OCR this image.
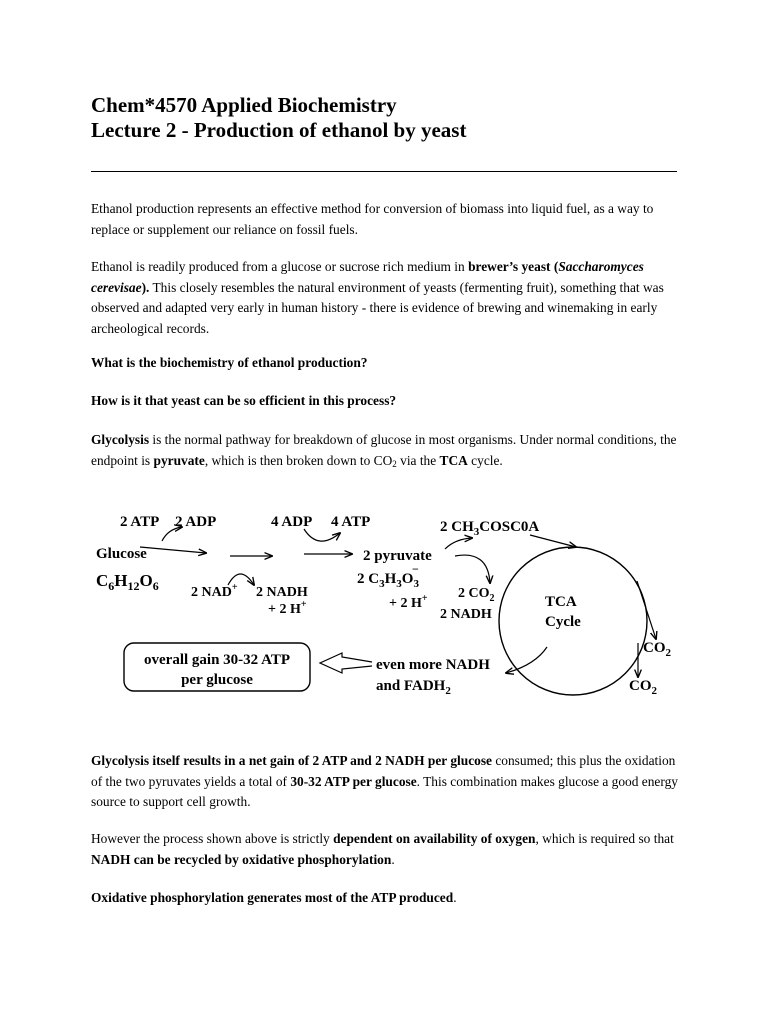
Chem*4570 Applied Biochemistry
Lecture 2 - Production of ethanol by yeast

Ethanol production represents an effective method for conversion of biomass into liquid fuel, as a way to replace or supplement our reliance on fossil fuels.

Ethanol is readily produced from a glucose or sucrose rich medium in brewer’s yeast (Saccharomyces cerevisae). This closely resembles the natural environment of yeasts (fermenting fruit), something that was observed and adapted very early in human history - there is evidence of brewing and winemaking in early archeological records.

What is the biochemistry of ethanol production?

How is it that yeast can be so efficient in this process?

Glycolysis is the normal pathway for breakdown of glucose in most organisms. Under normal conditions, the endpoint is pyruvate, which is then broken down to $CO_2$ via the TCA cycle.

2 ATP 2 ADP	4 ADP 4 ATP	2 $CH_3COSC0A$
Glucose
$C_6H_{12}O_6$
2 pyruvate
2 $C_3H_3O_3-$
2 NAD+ 2 NADH
+ 2 H+	+ 2 H+ 2 $CO_2$
2 NADH
TCA
Cycle
overall gain 30-32 ATP
per glucose
even more NADH
and $FADH_2$
$CO_2$
$CO_2$

Glycolysis itself results in a net gain of 2 ATP and 2 NADH per glucose consumed; this plus the oxidation of the two pyruvates yields a total of 30-32 ATP per glucose. This combination makes glucose a good energy source to support cell growth.

However the process shown above is strictly dependent on availability of oxygen, which is required so that NADH can be recycled by oxidative phosphorylation.

Oxidative phosphorylation generates most of the ATP produced.
